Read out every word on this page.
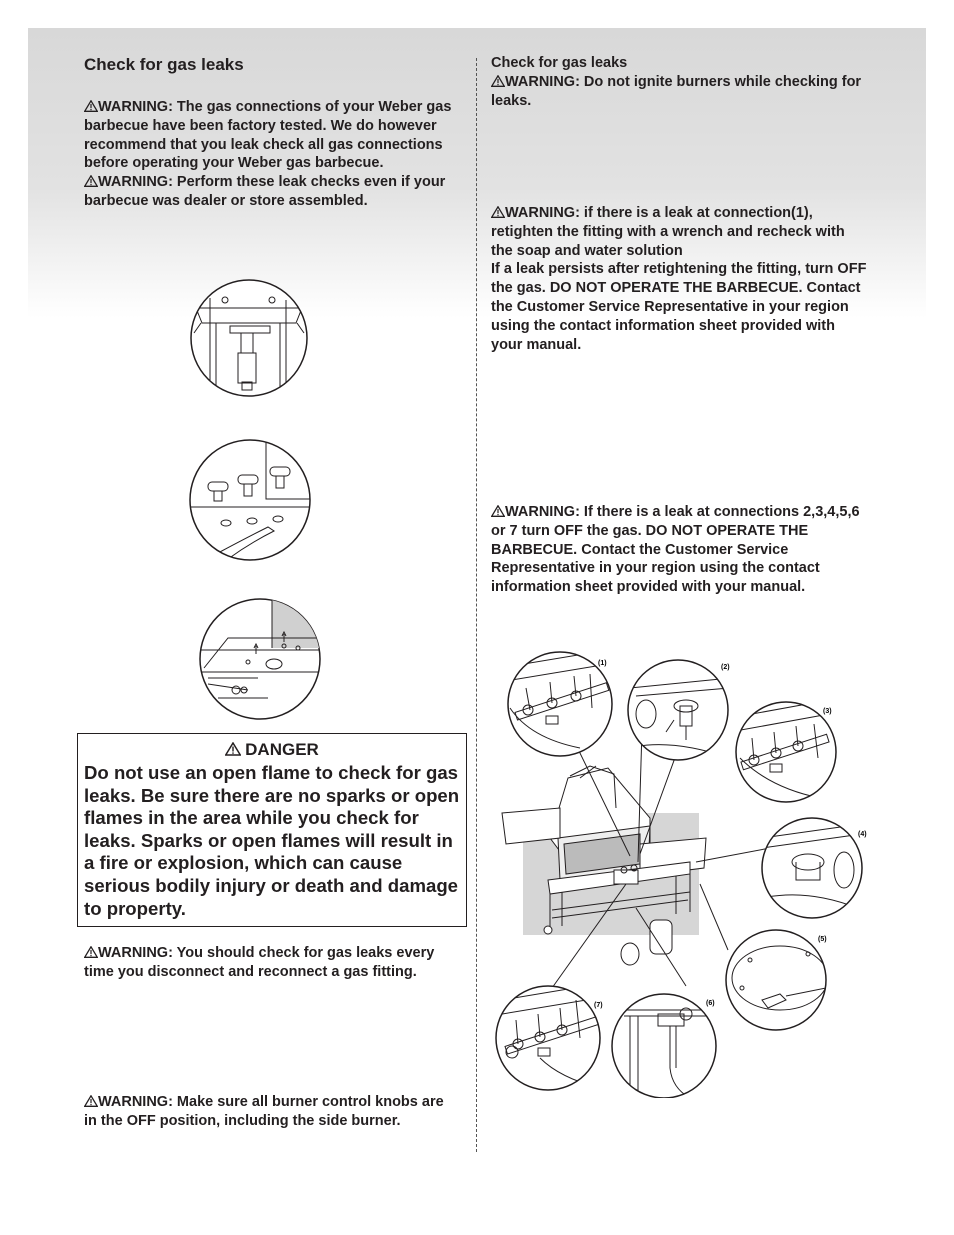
Check for gas leaks

WARNING: The gas connections of your Weber gas barbecue have been factory tested. We do however recommend that you leak check all gas connections before operating your Weber gas barbecue.

WARNING: Perform these leak checks even if your barbecue was dealer or store assembled.

DANGER

Do not use an open flame to check for gas leaks. Be sure there are no sparks or open flames in the area while you check for leaks. Sparks or open flames will result in a fire or explosion, which can cause serious bodily injury or death and damage to property.

WARNING: You should check for gas leaks every time you disconnect and reconnect a gas fitting.

WARNING: Make sure all burner control knobs are in the OFF position, including the side burner.

Check for gas leaks

WARNING: Do not ignite burners while checking for leaks.

WARNING: if there is a leak at connection(1), retighten the fitting with a wrench and recheck with the soap and water solution

If a leak persists after retightening the fitting, turn OFF the gas. DO NOT OPERATE THE BARBECUE. Contact the Customer Service Representative in your region using the contact information sheet provided with your manual.

WARNING: If there is a leak at connections 2,3,4,5,6 or 7 turn OFF the gas. DO NOT OPERATE THE BARBECUE. Contact the Customer Service Representative in your region using the contact information sheet provided with your manual.

(1)
(2)
(3)
(4)
(5)
(6)
(7)
